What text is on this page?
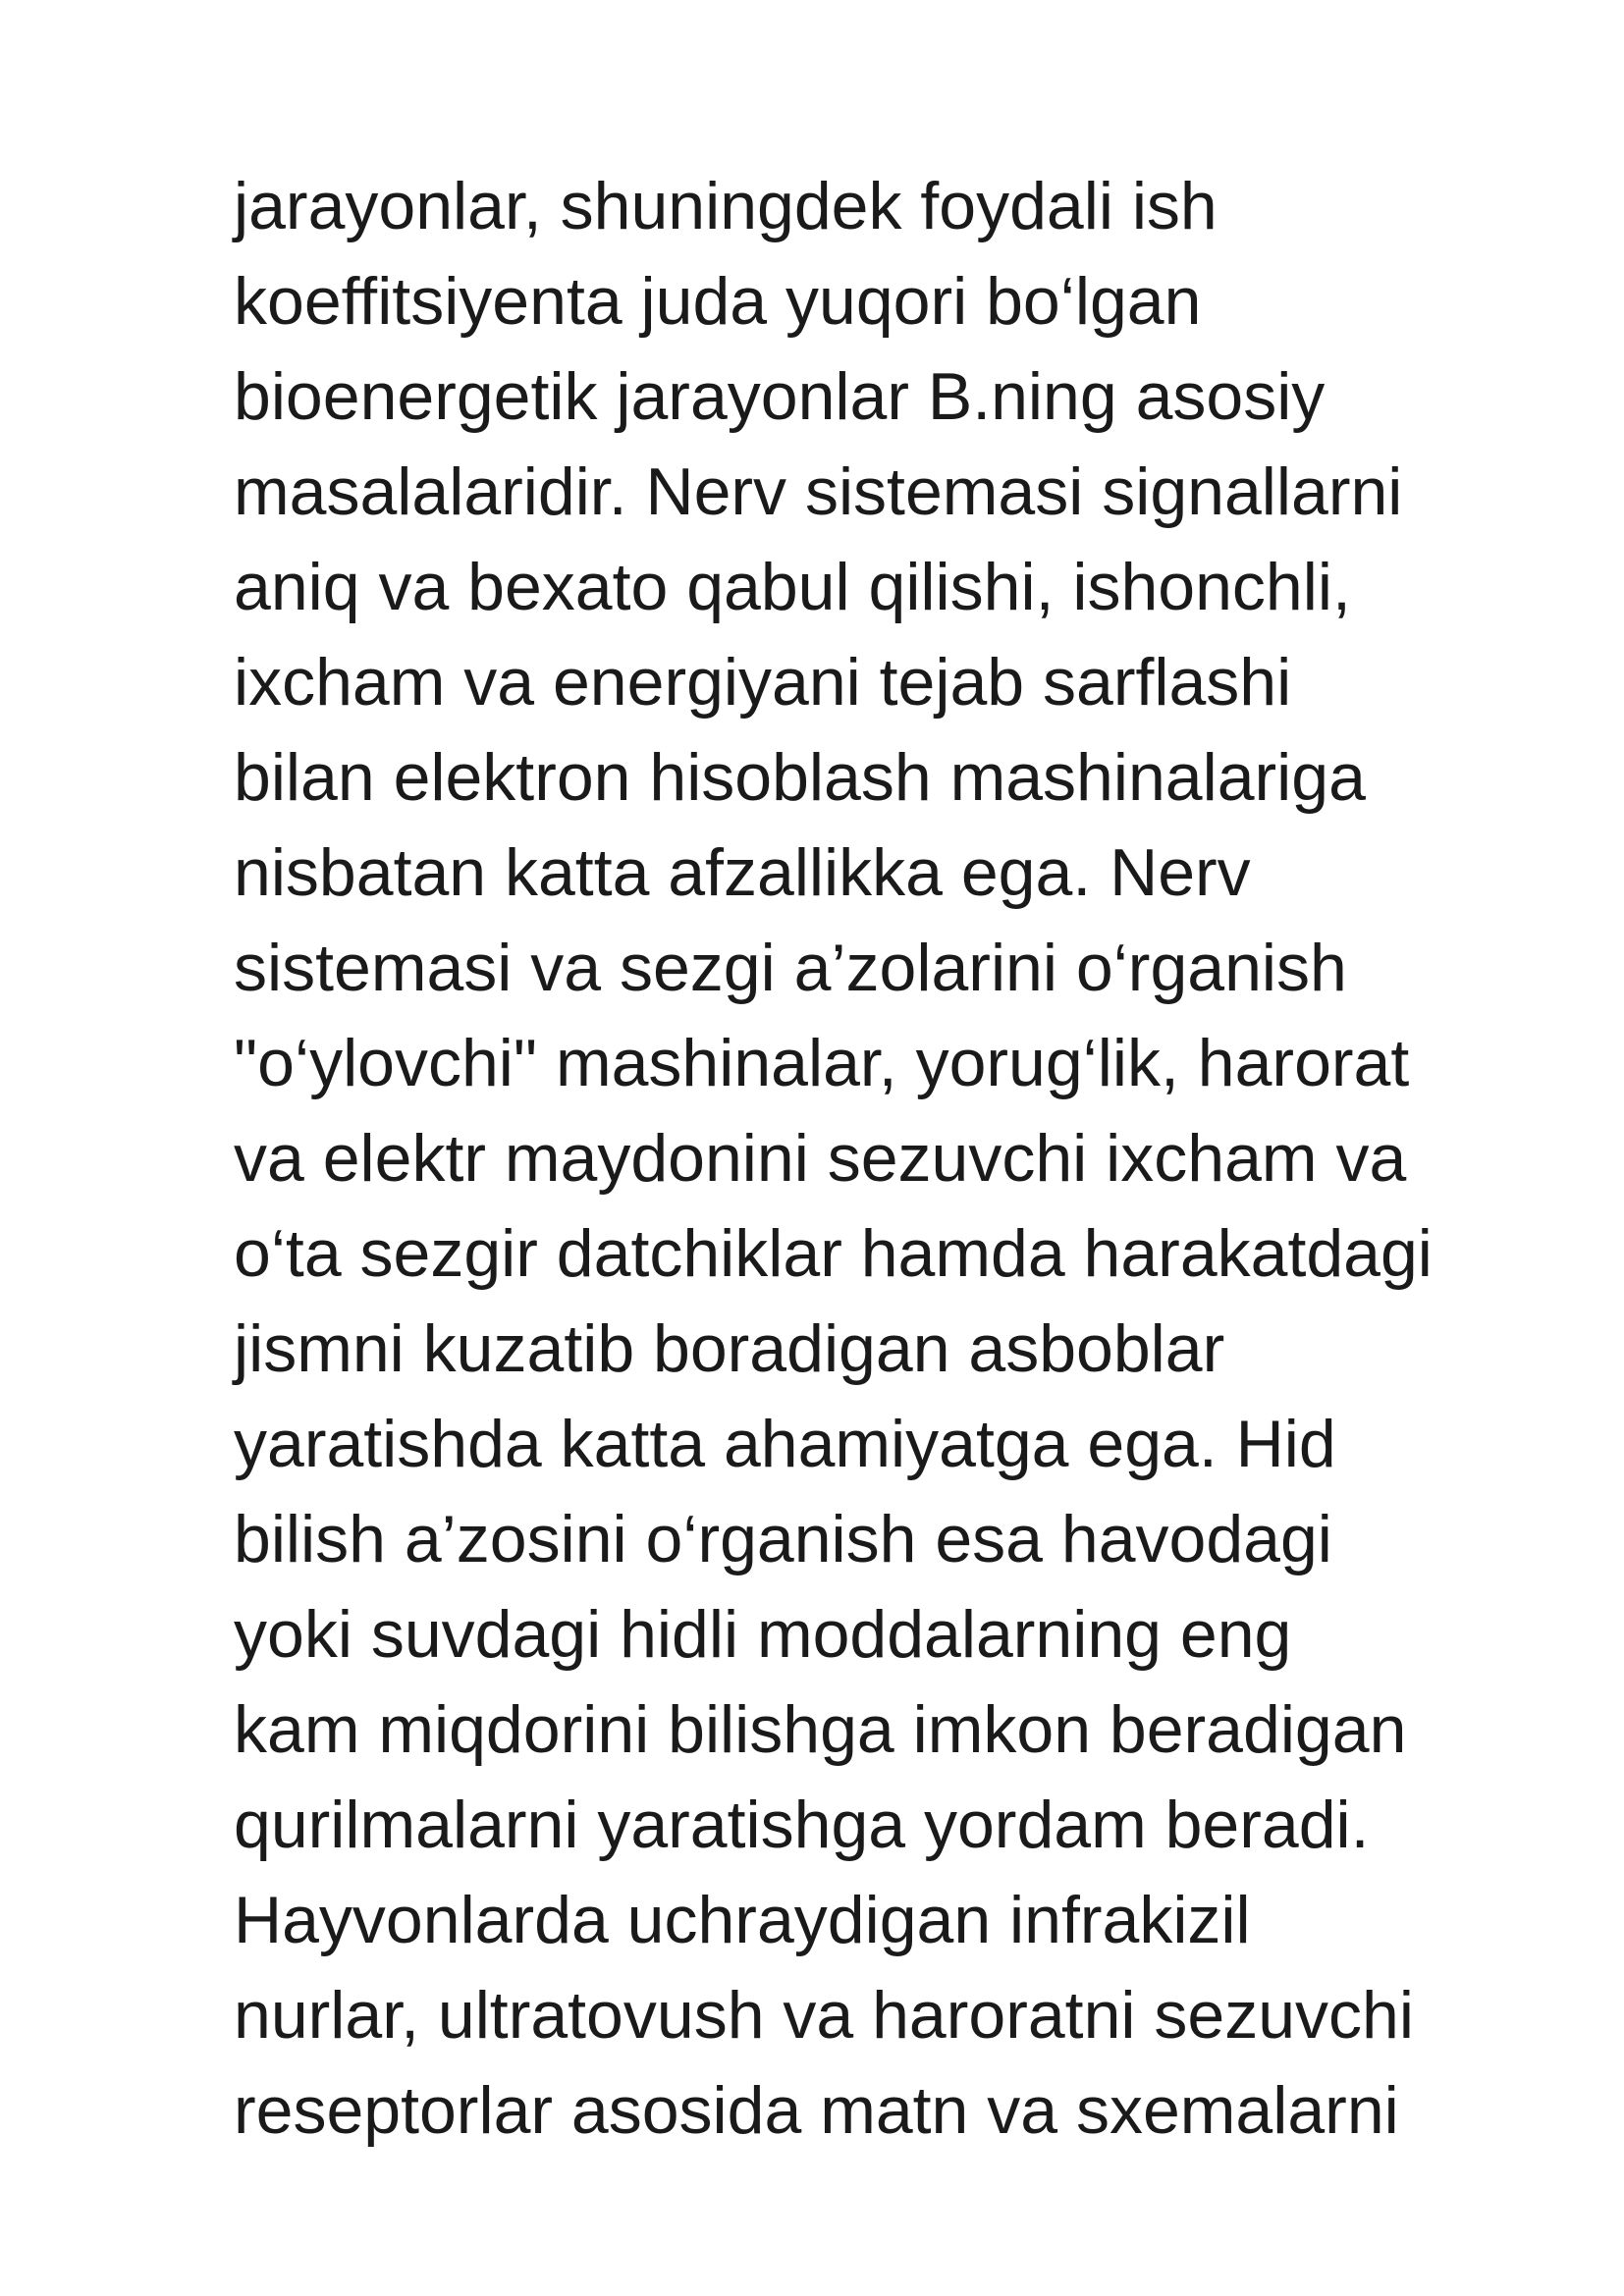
jarayonlar, shuningdek foydali ish
koeffitsiyenta juda yuqori bo‘lgan
bioenergetik jarayonlar B.ning asosiy
masalalaridir. Nerv sistemasi signallarni
aniq va bexato qabul qilishi, ishonchli,
ixcham va energiyani tejab sarflashi
bilan elektron hisoblash mashinalariga
nisbatan katta afzallikka ega. Nerv
sistemasi va sezgi a’zolarini o‘rganish
"o‘ylovchi" mashinalar, yorug‘lik, harorat
va elektr maydonini sezuvchi ixcham va
o‘ta sezgir datchiklar hamda harakatdagi
jismni kuzatib boradigan asboblar
yaratishda katta ahamiyatga ega. Hid
bilish a’zosini o‘rganish esa havodagi
yoki suvdagi hidli moddalarning eng
kam miqdorini bilishga imkon beradigan
qurilmalarni yaratishga yordam beradi.
Hayvonlarda uchraydigan infrakizil
nurlar, ultratovush va haroratni sezuvchi
reseptorlar asosida matn va sxemalarni
